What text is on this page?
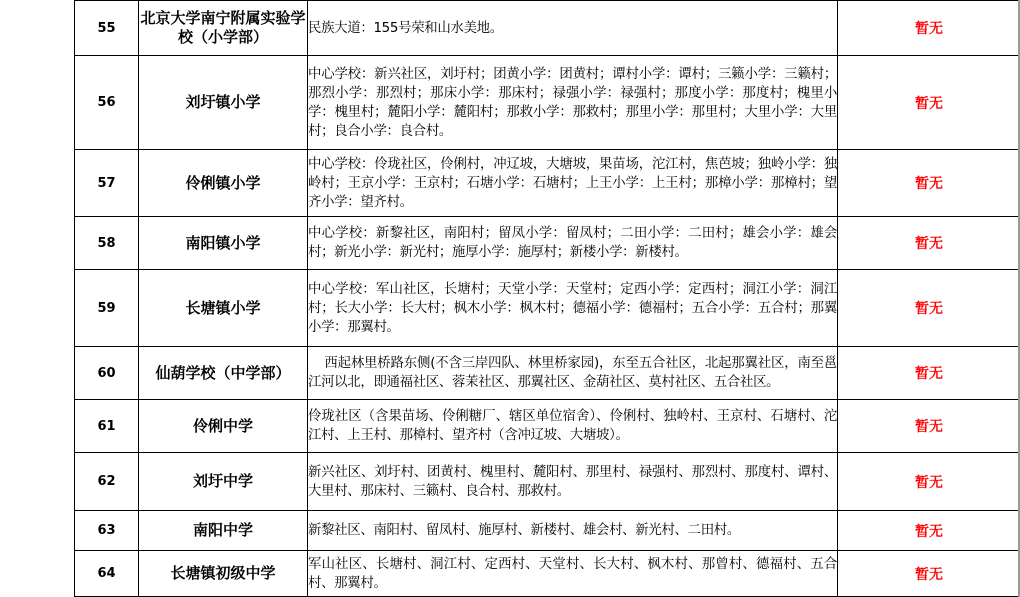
55	北京大学南宁附属实验学校（小学部）	民族大道：155号荣和山水美地。	暂无
56	刘圩镇小学	中心学校：新兴社区，刘圩村；团黄小学：团黄村；谭村小学：谭村；三籁小学：三籁村；那烈小学：那烈村；那床小学：那床村；禄强小学：禄强村；那度小学：那度村；槐里小学：槐里村；麓阳小学：麓阳村；那救小学：那救村；那里小学：那里村；大里小学：大里村；良合小学：良合村。	暂无
57	伶俐镇小学	中心学校：伶珑社区，伶俐村，冲辽坡，大塘坡，果苗场，沱江村，焦芭坡；独岭小学：独岭村；王京小学：王京村；石塘小学：石塘村；上王小学：上王村；那樟小学：那樟村；望齐小学：望齐村。	暂无
58	南阳镇小学	中心学校：新黎社区，南阳村；留凤小学：留凤村；二田小学：二田村；雄会小学：雄会村；新光小学：新光村；施厚小学：施厚村；新楼小学：新楼村。	暂无
59	长塘镇小学	中心学校：军山社区，长塘村；天堂小学：天堂村；定西小学：定西村；洞江小学：洞江村；长大小学：长大村；枫木小学：枫木村；德福小学：德福村；五合小学：五合村；那翼小学：那翼村。	暂无
60	仙葫学校（中学部）	西起林里桥路东侧(不含三岸四队、林里桥家园)，东至五合社区，北起那翼社区，南至邕江河以北，即通福社区、蓉茉社区、那翼社区、金葫社区、莫村社区、五合社区。	暂无
61	伶俐中学	伶珑社区（含果苗场、伶俐糖厂、辖区单位宿舍）、伶俐村、独岭村、王京村、石塘村、沱江村、上王村、那樟村、望齐村（含冲辽坡、大塘坡）。	暂无
62	刘圩中学	新兴社区、刘圩村、团黄村、槐里村、麓阳村、那里村、禄强村、那烈村、那度村、谭村、大里村、那床村、三籁村、良合村、那救村。	暂无
63	南阳中学	新黎社区、南阳村、留凤村、施厚村、新楼村、雄会村、新光村、二田村。	暂无
64	长塘镇初级中学	军山社区、长塘村、洞江村、定西村、天堂村、长大村、枫木村、那曾村、德福村、五合村、那翼村。	暂无
